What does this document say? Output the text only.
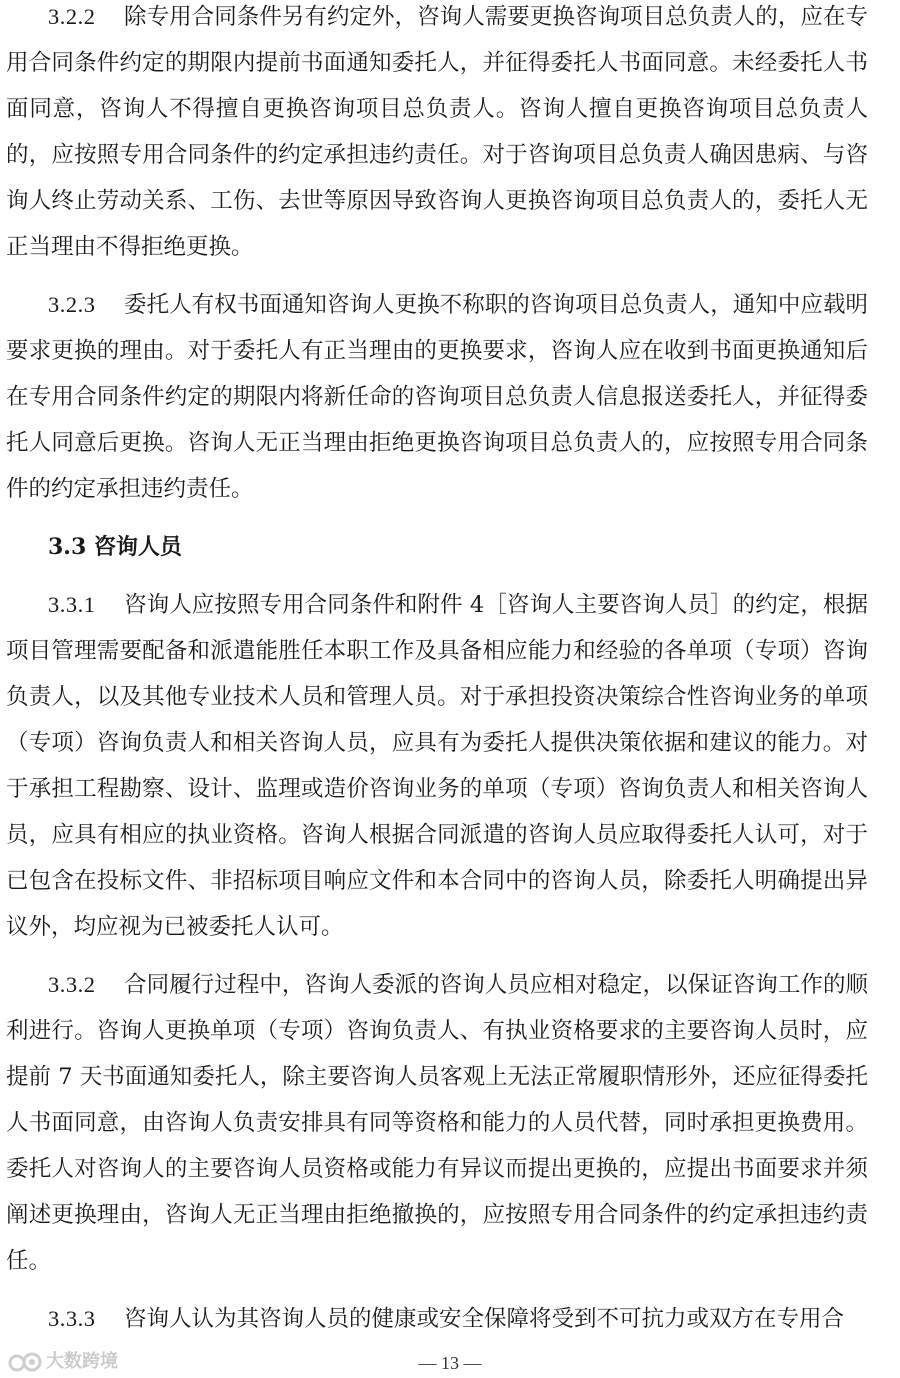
3.2.2 除专用合同条件另有约定外，咨询人需要更换咨询项目总负责人的，应在专用合同条件约定的期限内提前书面通知委托人，并征得委托人书面同意。未经委托人书面同意，咨询人不得擅自更换咨询项目总负责人。咨询人擅自更换咨询项目总负责人的，应按照专用合同条件的约定承担违约责任。对于咨询项目总负责人确因患病、与咨询人终止劳动关系、工伤、去世等原因导致咨询人更换咨询项目总负责人的，委托人无正当理由不得拒绝更换。

3.2.3 委托人有权书面通知咨询人更换不称职的咨询项目总负责人，通知中应载明要求更换的理由。对于委托人有正当理由的更换要求，咨询人应在收到书面更换通知后在专用合同条件约定的期限内将新任命的咨询项目总负责人信息报送委托人，并征得委托人同意后更换。咨询人无正当理由拒绝更换咨询项目总负责人的，应按照专用合同条件的约定承担违约责任。

3.3 咨询人员

3.3.1 咨询人应按照专用合同条件和附件 4［咨询人主要咨询人员］的约定，根据项目管理需要配备和派遣能胜任本职工作及具备相应能力和经验的各单项（专项）咨询负责人，以及其他专业技术人员和管理人员。对于承担投资决策综合性咨询业务的单项（专项）咨询负责人和相关咨询人员，应具有为委托人提供决策依据和建议的能力。对于承担工程勘察、设计、监理或造价咨询业务的单项（专项）咨询负责人和相关咨询人员，应具有相应的执业资格。咨询人根据合同派遣的咨询人员应取得委托人认可，对于已包含在投标文件、非招标项目响应文件和本合同中的咨询人员，除委托人明确提出异议外，均应视为已被委托人认可。

3.3.2 合同履行过程中，咨询人委派的咨询人员应相对稳定，以保证咨询工作的顺利进行。咨询人更换单项（专项）咨询负责人、有执业资格要求的主要咨询人员时，应提前 7 天书面通知委托人，除主要咨询人员客观上无法正常履职情形外，还应征得委托人书面同意，由咨询人负责安排具有同等资格和能力的人员代替，同时承担更换费用。委托人对咨询人的主要咨询人员资格或能力有异议而提出更换的，应提出书面要求并须阐述更换理由，咨询人无正当理由拒绝撤换的，应按照专用合同条件的约定承担违约责任。

3.3.3 咨询人认为其咨询人员的健康或安全保障将受到不可抗力或双方在专用合

大数跨境	— 13 —
